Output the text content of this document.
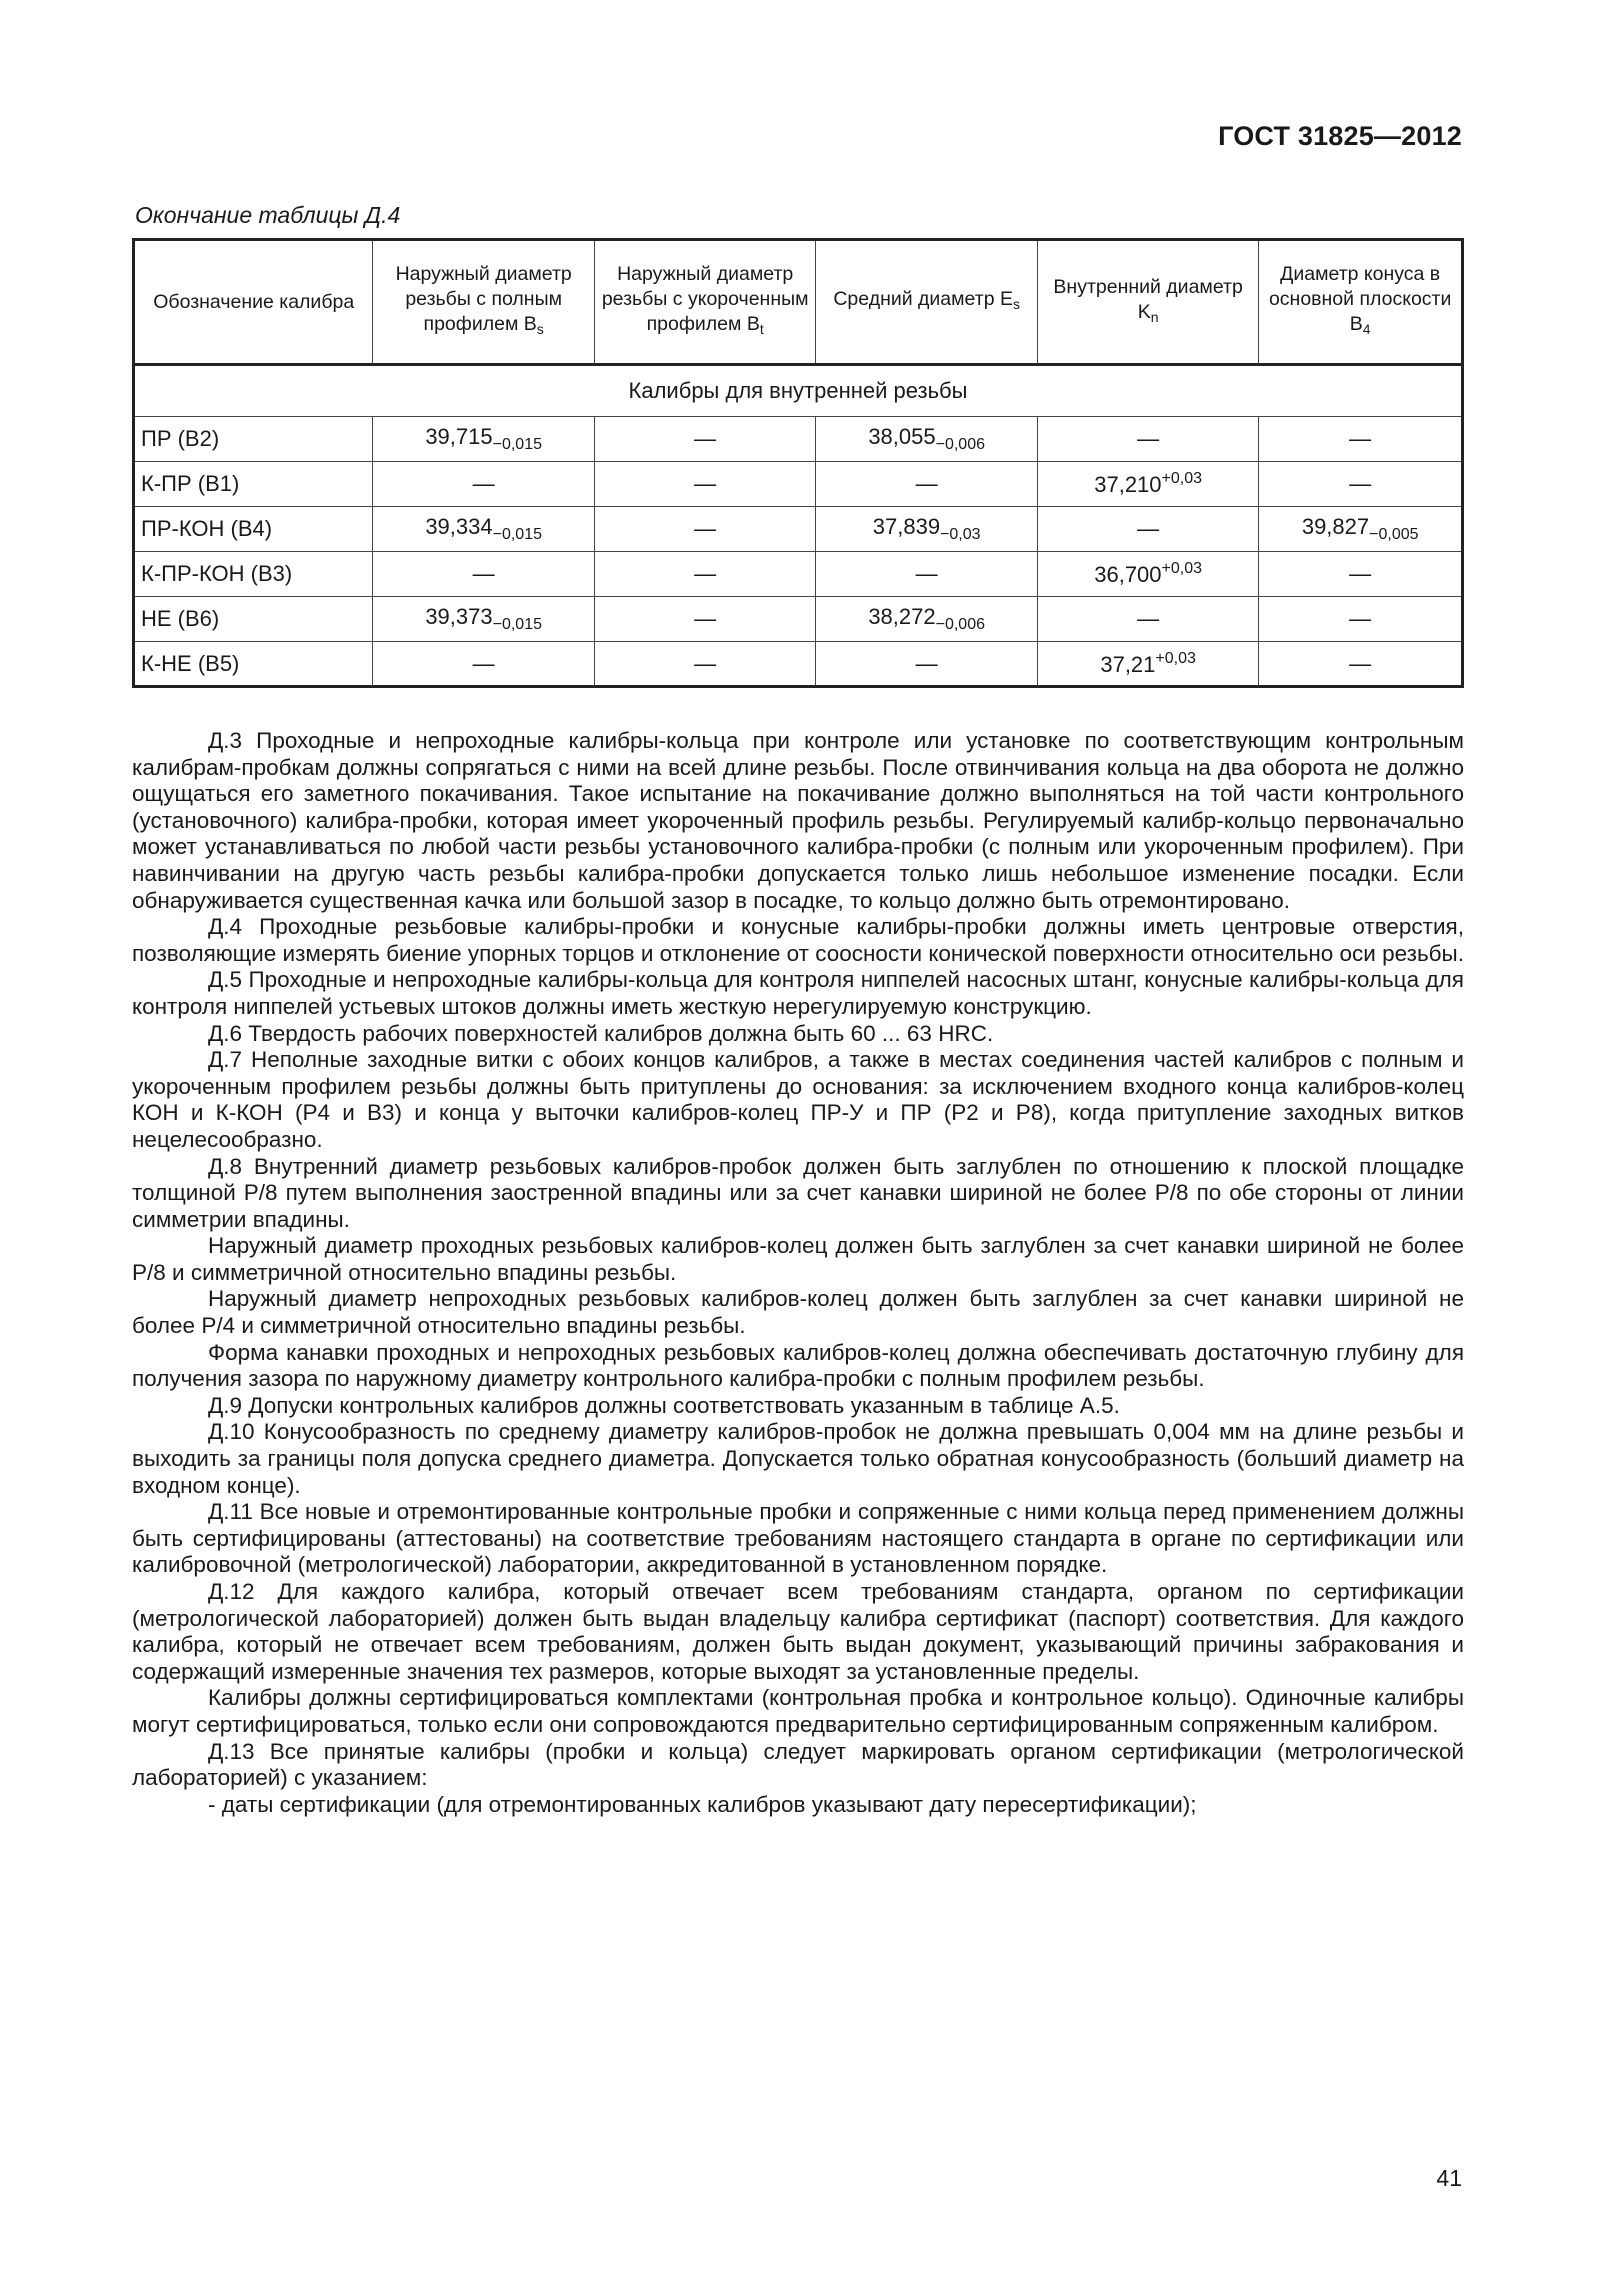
ГОСТ 31825—2012
Окончание таблицы Д.4
Обозначение калибра	Наружный диаметр резьбы с полным профилем $B_s$	Наружный диаметр резьбы с укороченным профилем $B_t$	Средний диаметр $E_s$	Внутренний диаметр $K_n$	Диаметр конуса в основной плоскости $B_4$
Калибры для внутренней резьбы					
ПР (В2)	$39,715_{-0,015}$	—	$38,055_{-0,006}$	—	—
К-ПР (В1)	—	—	—	$37,210^{+0,03}$	—
ПР-КОН (В4)	$39,334_{-0,015}$	—	$37,839_{-0,03}$	—	$39,827_{-0,005}$
К-ПР-КОН (В3)	—	—	—	$36,700^{+0,03}$	—
НЕ (В6)	$39,373_{-0,015}$	—	$38,272_{-0,006}$	—	—
К-НЕ (В5)	—	—	—	$37,21^{+0,03}$	—

Д.3 Проходные и непроходные калибры-кольца при контроле или установке по соответствующим контрольным калибрам-пробкам должны сопрягаться с ними на всей длине резьбы. После отвинчивания кольца на два оборота не должно ощущаться его заметного покачивания. Такое испытание на покачивание должно выполняться на той части контрольного (установочного) калибра-пробки, которая имеет укороченный профиль резьбы. Регулируемый калибр-кольцо первоначально может устанавливаться по любой части резьбы установочного калибра-пробки (с полным или укороченным профилем). При навинчивании на другую часть резьбы калибра-пробки допускается только лишь небольшое изменение посадки. Если обнаруживается существенная качка или большой зазор в посадке, то кольцо должно быть отремонтировано.

Д.4 Проходные резьбовые калибры-пробки и конусные калибры-пробки должны иметь центровые отверстия, позволяющие измерять биение упорных торцов и отклонение от соосности конической поверхности относительно оси резьбы.

Д.5 Проходные и непроходные калибры-кольца для контроля ниппелей насосных штанг, конусные калибры-кольца для контроля ниппелей устьевых штоков должны иметь жесткую нерегулируемую конструкцию.

Д.6 Твердость рабочих поверхностей калибров должна быть 60 ... 63 HRC.

Д.7 Неполные заходные витки с обоих концов калибров, а также в местах соединения частей калибров с полным и укороченным профилем резьбы должны быть притуплены до основания: за исключением входного конца калибров-колец КОН и К-КОН (Р4 и В3) и конца у выточки калибров-колец ПР-У и ПР (Р2 и Р8), когда притупление заходных витков нецелесообразно.

Д.8 Внутренний диаметр резьбовых калибров-пробок должен быть заглублен по отношению к плоской площадке толщиной P/8 путем выполнения заостренной впадины или за счет канавки шириной не более P/8 по обе стороны от линии симметрии впадины.

Наружный диаметр проходных резьбовых калибров-колец должен быть заглублен за счет канавки шириной не более P/8 и симметричной относительно впадины резьбы.

Наружный диаметр непроходных резьбовых калибров-колец должен быть заглублен за счет канавки шириной не более P/4 и симметричной относительно впадины резьбы.

Форма канавки проходных и непроходных резьбовых калибров-колец должна обеспечивать достаточную глубину для получения зазора по наружному диаметру контрольного калибра-пробки с полным профилем резьбы.

Д.9 Допуски контрольных калибров должны соответствовать указанным в таблице А.5.

Д.10 Конусообразность по среднему диаметру калибров-пробок не должна превышать 0,004 мм на длине резьбы и выходить за границы поля допуска среднего диаметра. Допускается только обратная конусообразность (больший диаметр на входном конце).

Д.11 Все новые и отремонтированные контрольные пробки и сопряженные с ними кольца перед применением должны быть сертифицированы (аттестованы) на соответствие требованиям настоящего стандарта в органе по сертификации или калибровочной (метрологической) лаборатории, аккредитованной в установленном порядке.

Д.12 Для каждого калибра, который отвечает всем требованиям стандарта, органом по сертификации (метрологической лабораторией) должен быть выдан владельцу калибра сертификат (паспорт) соответствия. Для каждого калибра, который не отвечает всем требованиям, должен быть выдан документ, указывающий причины забракования и содержащий измеренные значения тех размеров, которые выходят за установленные пределы.

Калибры должны сертифицироваться комплектами (контрольная пробка и контрольное кольцо). Одиночные калибры могут сертифицироваться, только если они сопровождаются предварительно сертифицированным сопряженным калибром.

Д.13 Все принятые калибры (пробки и кольца) следует маркировать органом сертификации (метрологической лабораторией) с указанием:

- даты сертификации (для отремонтированных калибров указывают дату пересертификации);

41
